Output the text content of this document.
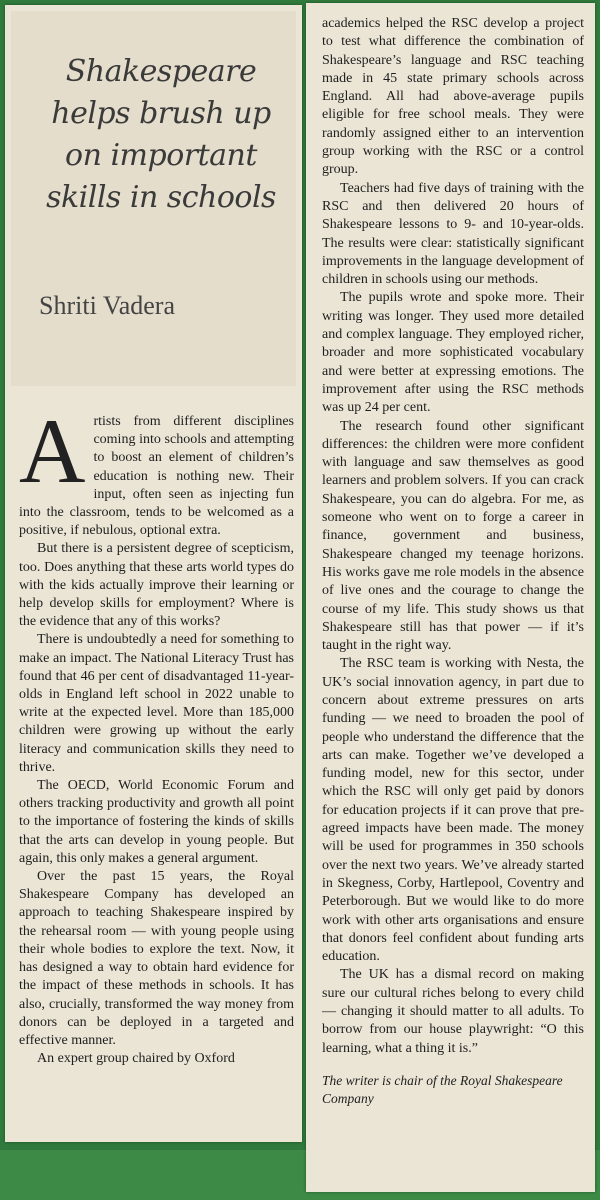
Shakespeare helps brush up on important skills in schools

Shriti Vadera

Artists from different disciplines coming into schools and attempting to boost an element of children’s education is nothing new. Their input, often seen as injecting fun into the classroom, tends to be welcomed as a positive, if nebulous, optional extra.

But there is a persistent degree of scepticism, too. Does anything that these arts world types do with the kids actually improve their learning or help develop skills for employment? Where is the evidence that any of this works?

There is undoubtedly a need for something to make an impact. The National Literacy Trust has found that 46 per cent of disadvantaged 11-year-olds in England left school in 2022 unable to write at the expected level. More than 185,000 children were growing up without the early literacy and communication skills they need to thrive.

The OECD, World Economic Forum and others tracking productivity and growth all point to the importance of fostering the kinds of skills that the arts can develop in young people. But again, this only makes a general argument.

Over the past 15 years, the Royal Shakespeare Company has developed an approach to teaching Shakespeare inspired by the rehearsal room — with young people using their whole bodies to explore the text. Now, it has designed a way to obtain hard evidence for the impact of these methods in schools. It has also, crucially, transformed the way money from donors can be deployed in a targeted and effective manner.

An expert group chaired by Oxford

academics helped the RSC develop a project to test what difference the combination of Shakespeare’s language and RSC teaching made in 45 state primary schools across England. All had above-average pupils eligible for free school meals. They were randomly assigned either to an intervention group working with the RSC or a control group.

Teachers had five days of training with the RSC and then delivered 20 hours of Shakespeare lessons to 9- and 10-year-olds. The results were clear: statistically significant improvements in the language development of children in schools using our methods.

The pupils wrote and spoke more. Their writing was longer. They used more detailed and complex language. They employed richer, broader and more sophisticated vocabulary and were better at expressing emotions. The improvement after using the RSC methods was up 24 per cent.

The research found other significant differences: the children were more confident with language and saw themselves as good learners and problem solvers. If you can crack Shakespeare, you can do algebra. For me, as someone who went on to forge a career in finance, government and business, Shakespeare changed my teenage horizons. His works gave me role models in the absence of live ones and the courage to change the course of my life. This study shows us that Shakespeare still has that power — if it’s taught in the right way.

The RSC team is working with Nesta, the UK’s social innovation agency, in part due to concern about extreme pressures on arts funding — we need to broaden the pool of people who understand the difference that the arts can make. Together we’ve developed a funding model, new for this sector, under which the RSC will only get paid by donors for education projects if it can prove that pre-agreed impacts have been made. The money will be used for programmes in 350 schools over the next two years. We’ve already started in Skegness, Corby, Hartlepool, Coventry and Peterborough. But we would like to do more work with other arts organisations and ensure that donors feel confident about funding arts education.

The UK has a dismal record on making sure our cultural riches belong to every child — changing it should matter to all adults. To borrow from our house playwright: “O this learning, what a thing it is.”

The writer is chair of the Royal Shakespeare Company
